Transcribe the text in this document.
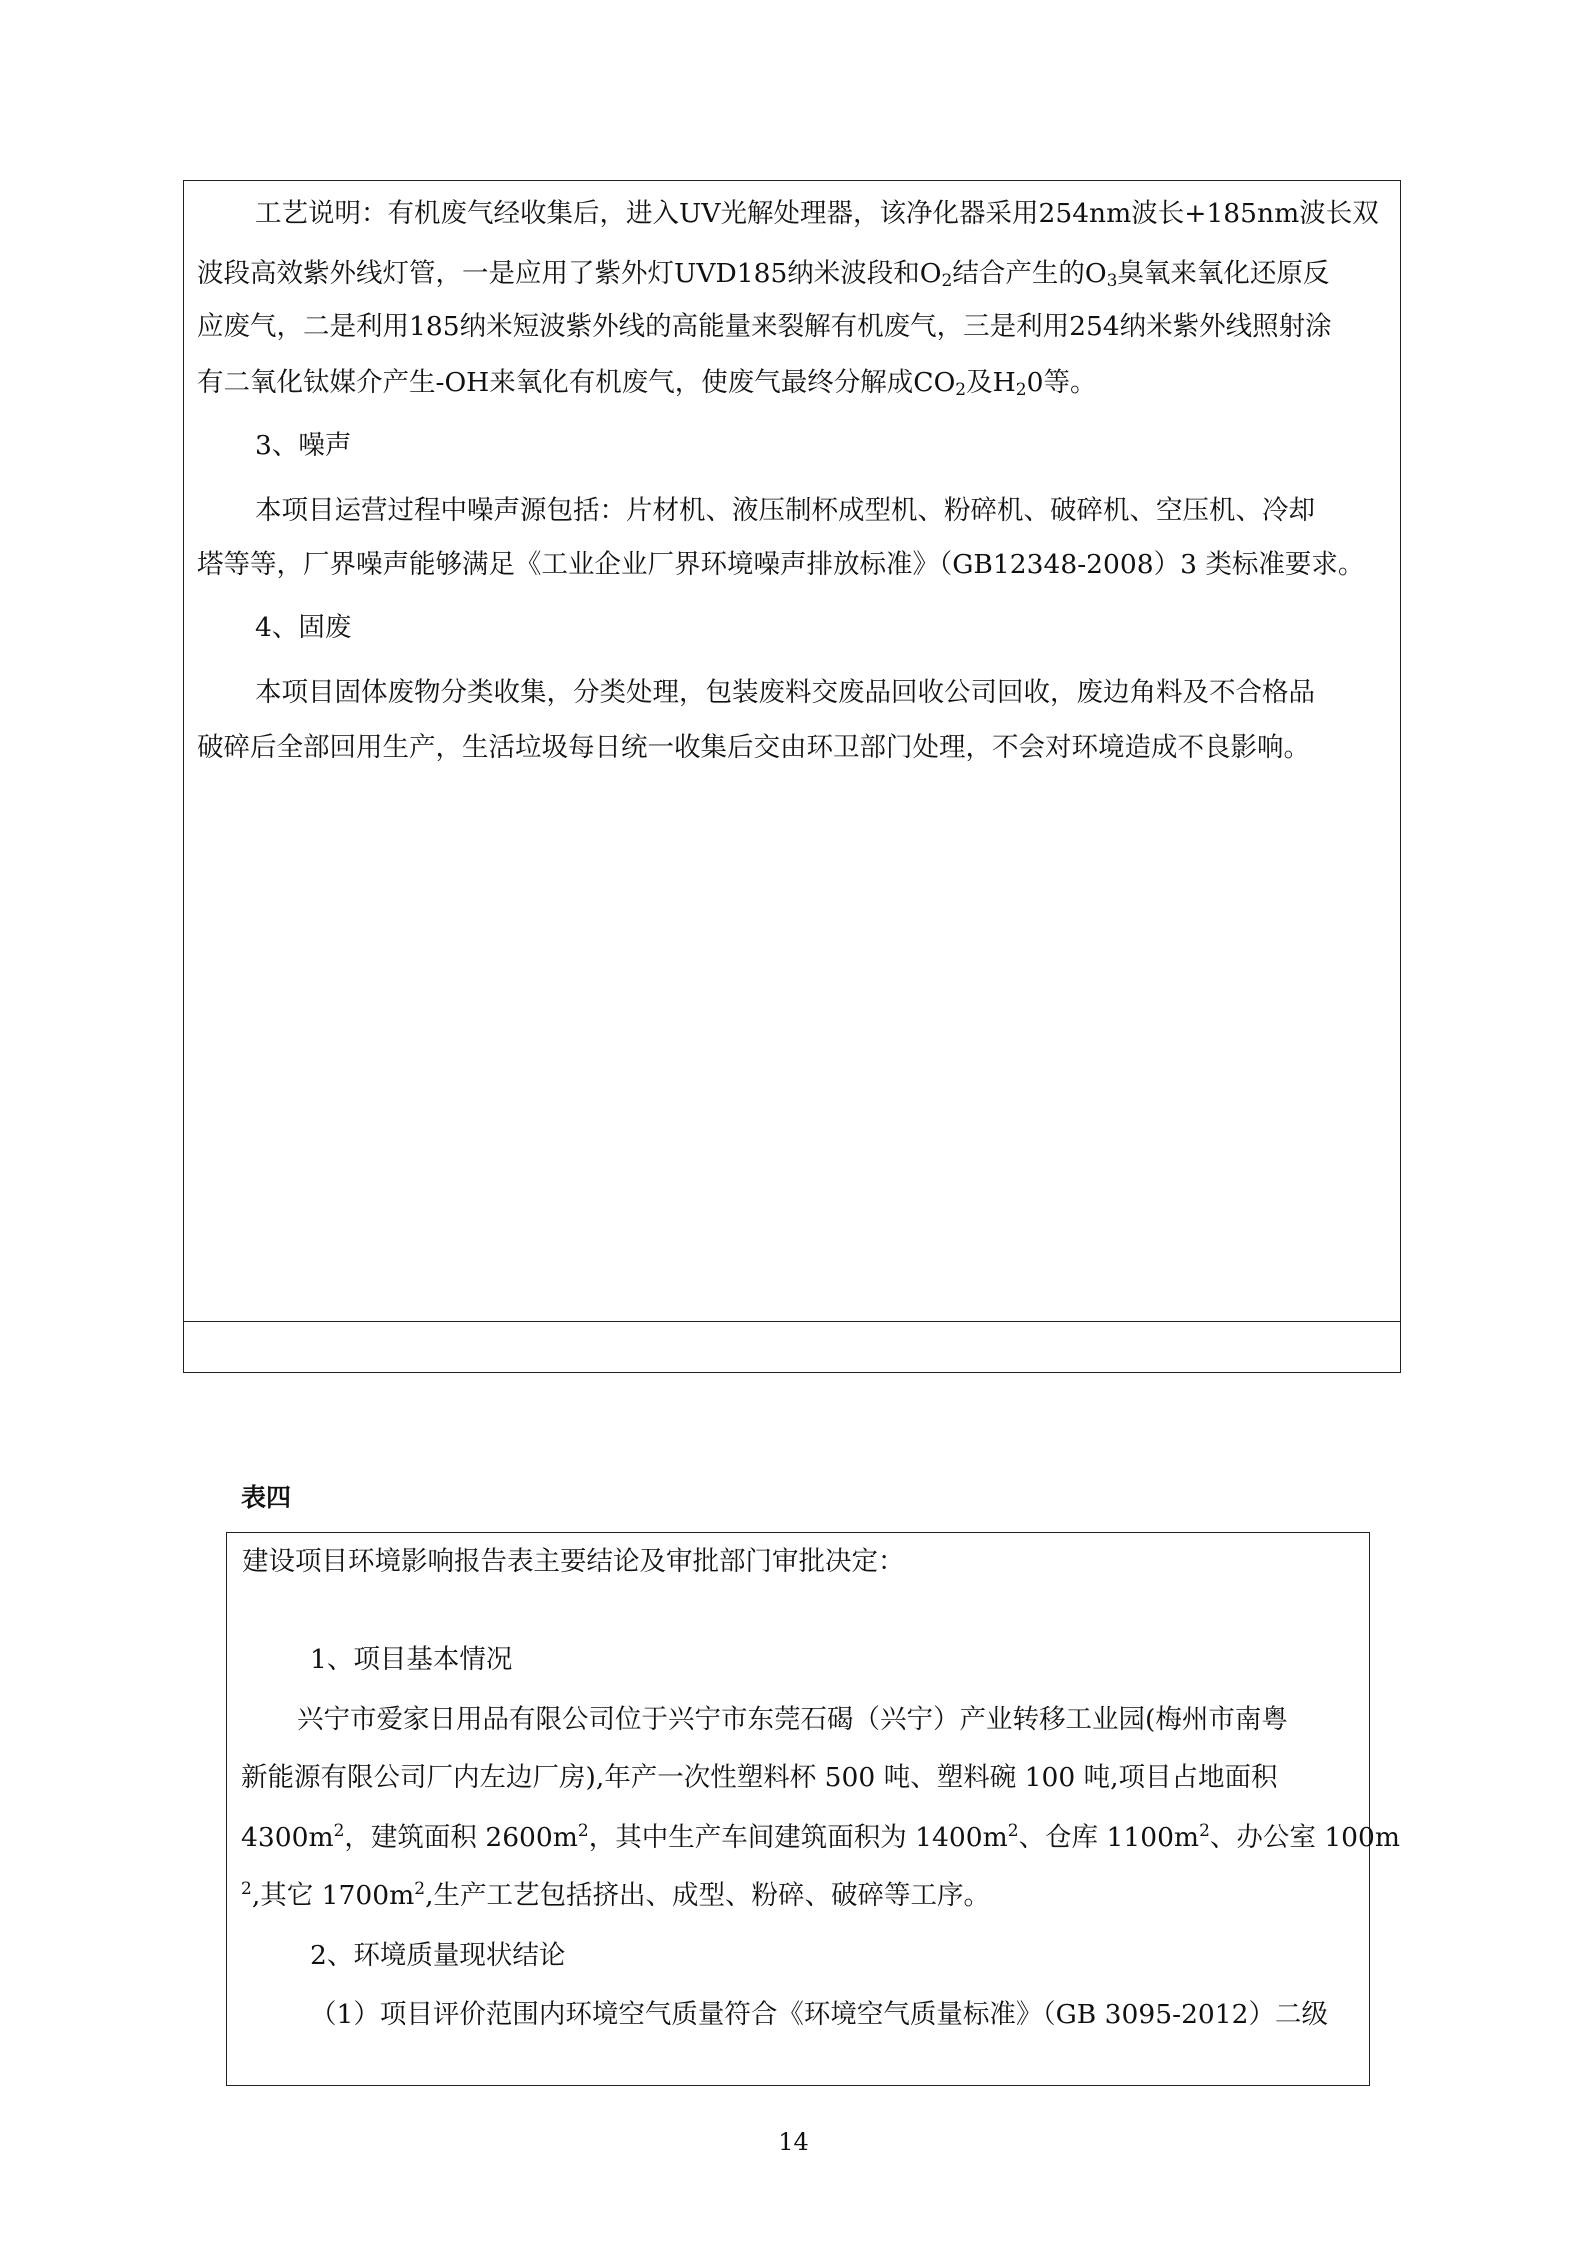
工艺说明：有机废气经收集后，进入UV光解处理器，该净化器采用254nm波长+185nm波长双

波段高效紫外线灯管，一是应用了紫外灯UVD185纳米波段和$O_2$结合产生的$O_3$臭氧来氧化还原反

应废气，二是利用185纳米短波紫外线的高能量来裂解有机废气，三是利用254纳米紫外线照射涂

有二氧化钛媒介产生-OH来氧化有机废气，使废气最终分解成$CO_2$及$H_20$等。

3、噪声

本项目运营过程中噪声源包括：片材机、液压制杯成型机、粉碎机、破碎机、空压机、冷却

塔等等，厂界噪声能够满足《工业企业厂界环境噪声排放标准》（GB12348-2008）3 类标准要求。

4、固废

本项目固体废物分类收集，分类处理，包装废料交废品回收公司回收，废边角料及不合格品

破碎后全部回用生产，生活垃圾每日统一收集后交由环卫部门处理，不会对环境造成不良影响。

表四

建设项目环境影响报告表主要结论及审批部门审批决定：

1、项目基本情况

兴宁市爱家日用品有限公司位于兴宁市东莞石碣（兴宁）产业转移工业园(梅州市南粤

新能源有限公司厂内左边厂房),年产一次性塑料杯 500 吨、塑料碗 100 吨,项目占地面积

$4300m^2$，建筑面积 $2600m^2$，其中生产车间建筑面积为 $1400m^2$、仓库 $1100m^2$、办公室 100m

$^2$,其它 $1700m^2$,生产工艺包括挤出、成型、粉碎、破碎等工序。

2、环境质量现状结论

（1）项目评价范围内环境空气质量符合《环境空气质量标准》（GB 3095-2012）二级

14
